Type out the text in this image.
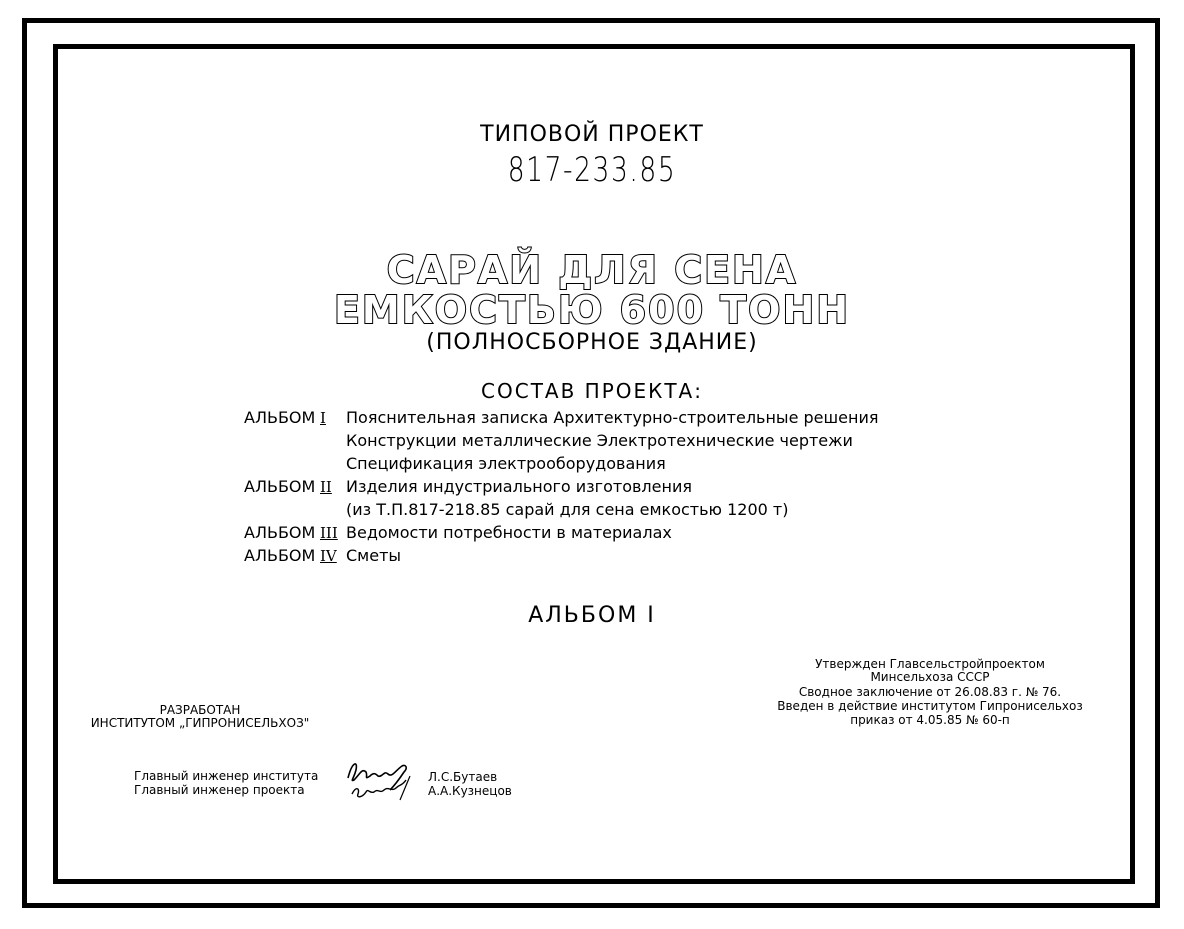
ТИПОВОЙ ПРОЕКТ
817-233.85
САРАЙ ДЛЯ СЕНА
ЕМКОСТЬЮ 600 ТОНН
(ПОЛНОСБОРНОЕ ЗДАНИЕ)
СОСТАВ ПРОЕКТА:
АЛЬБОМ I Пояснительная записка Архитектурно-строительные решения
Конструкции металлические Электротехнические чертежи
Спецификация электрооборудования
АЛЬБОМ II Изделия индустриального изготовления
(из Т.П.817-218.85 сарай для сена емкостью 1200 т)
АЛЬБОМ III Ведомости потребности в материалах
АЛЬБОМ IV Сметы
АЛЬБОМ I
Утвержден Главсельстройпроектом
Минсельхоза СССР
Сводное заключение от 26.08.83 г. № 76.
Введен в действие институтом Гипронисельхоз
приказ от 4.05.85 № 60-п
РАЗРАБОТАН
ИНСТИТУТОМ „ГИПРОНИСЕЛЬХОЗ"
Главный инженер института
Главный инженер проекта
Л.С.Бутаев
А.А.Кузнецов
